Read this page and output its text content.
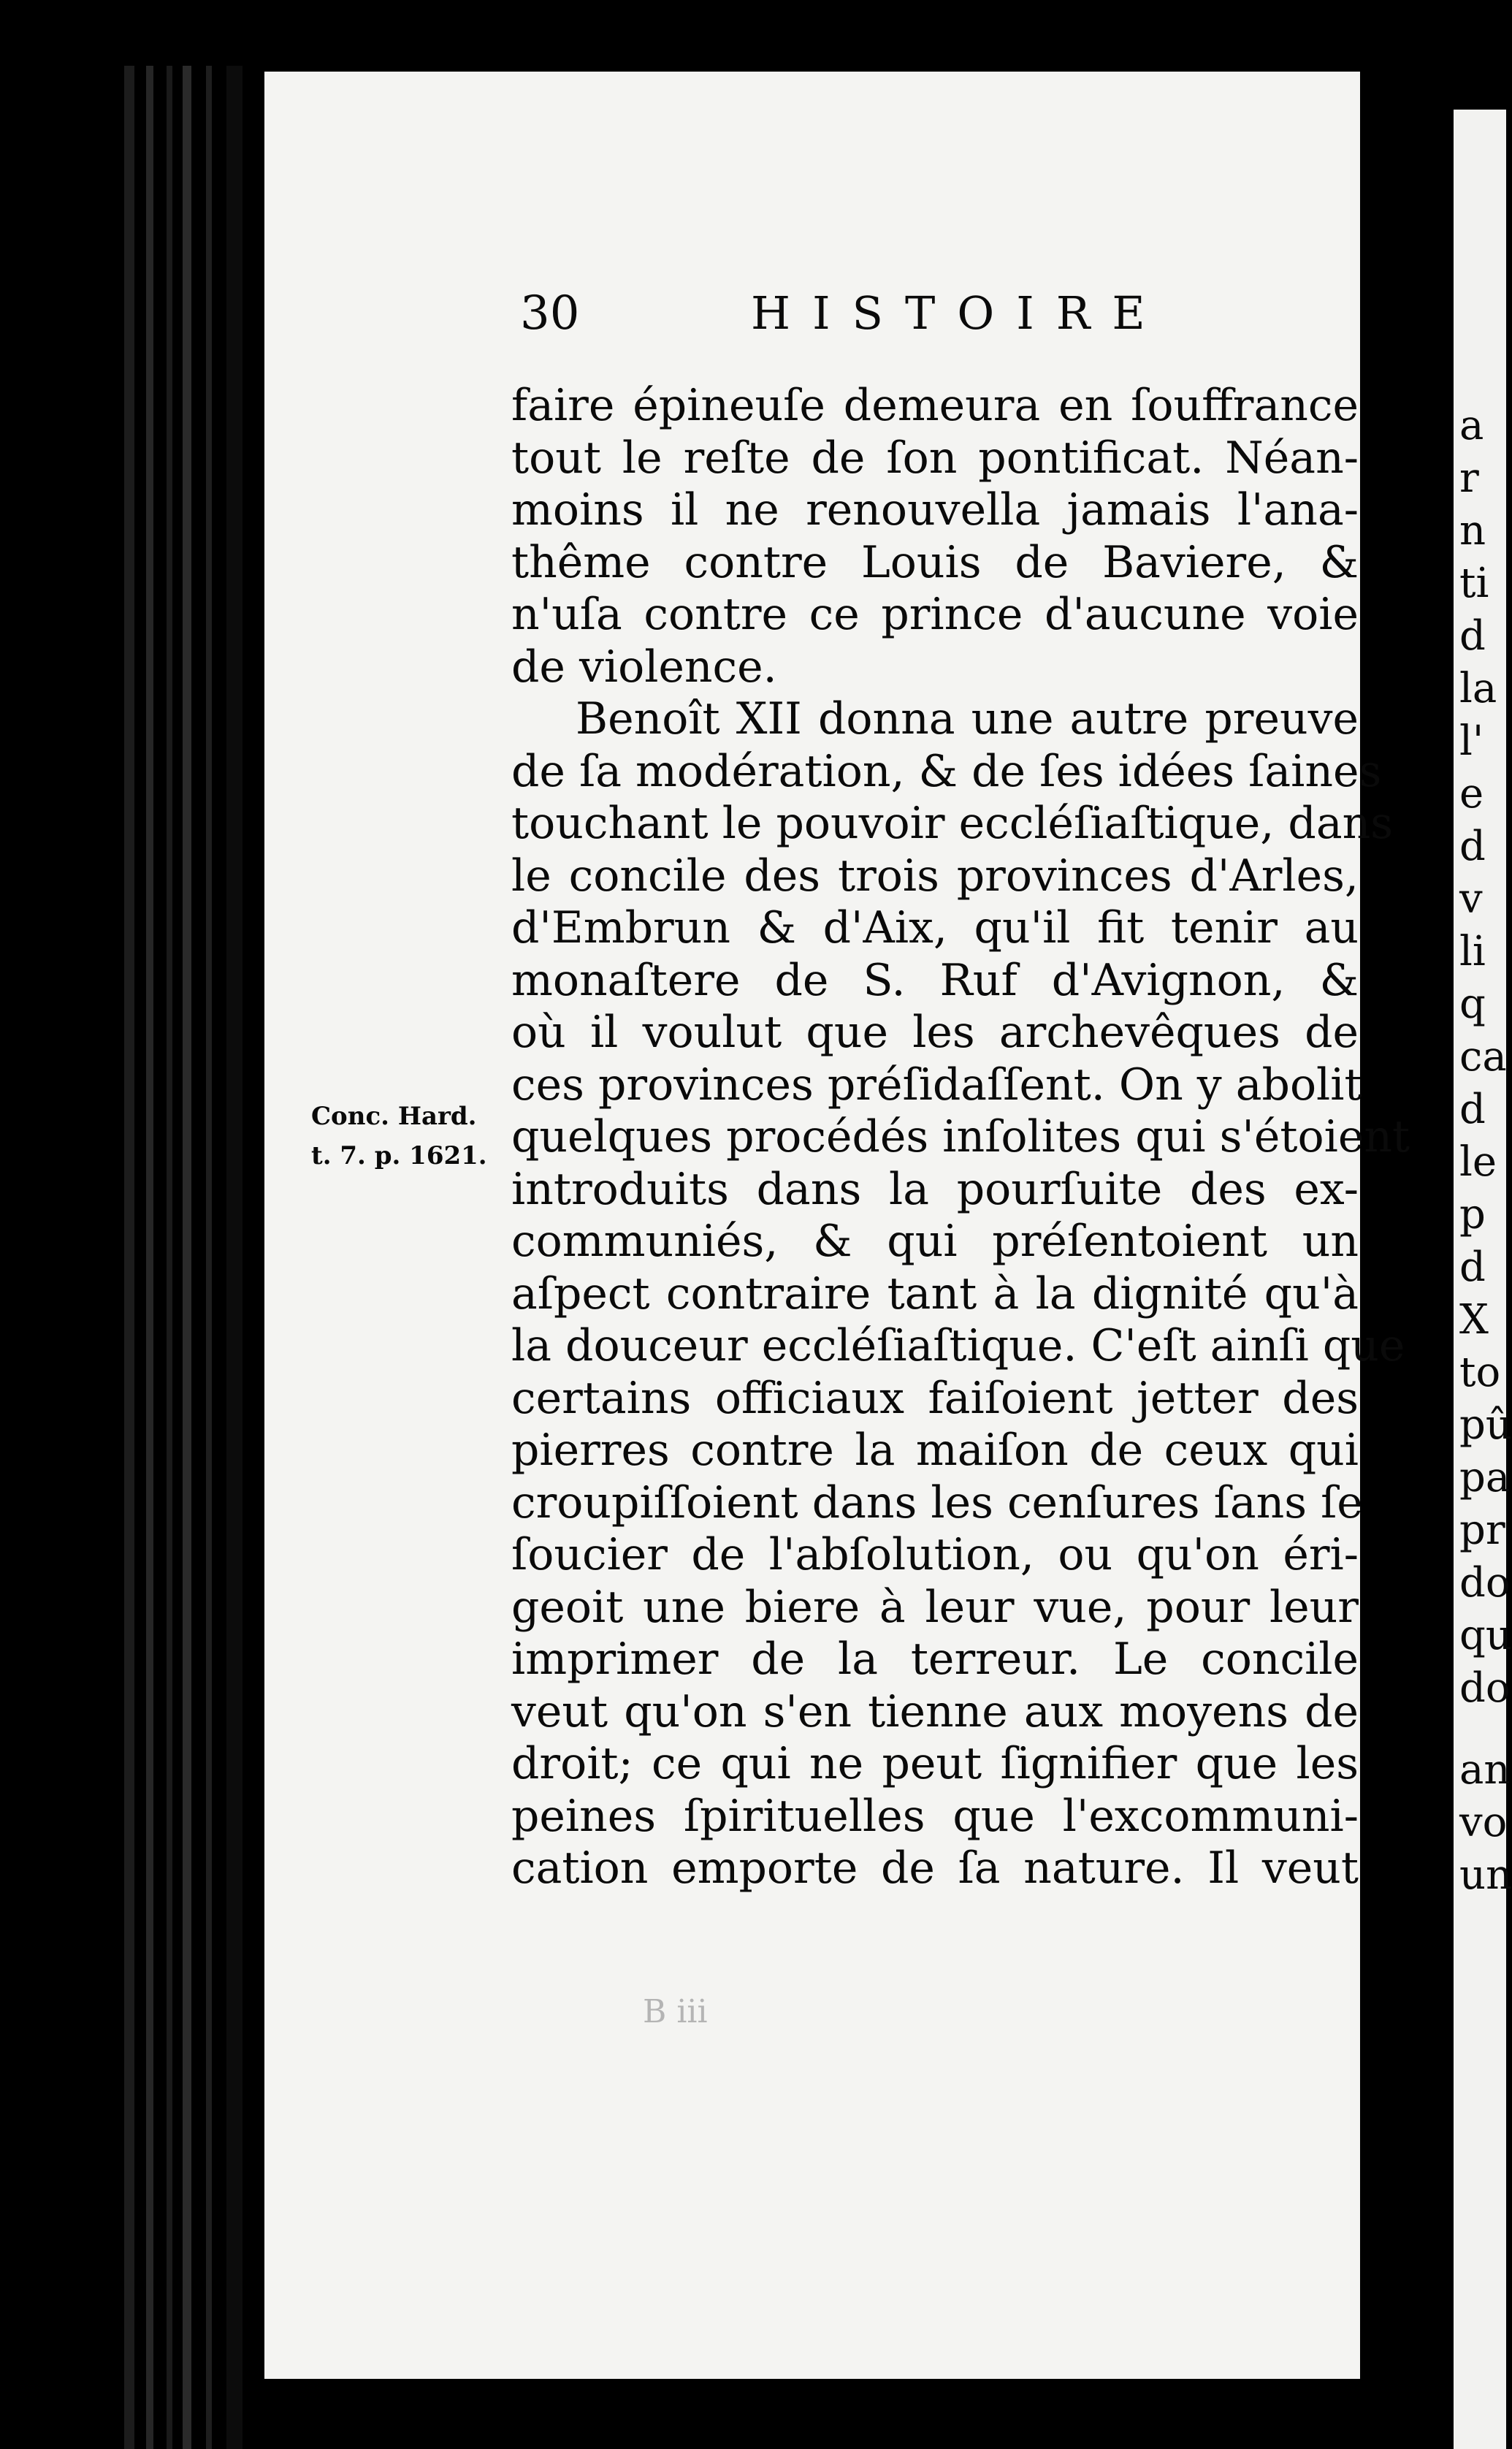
30	HISTOIRE
faire épineuſe demeura en ſouffrance
tout le reſte de ſon pontificat. Néan-
moins il ne renouvella jamais l'ana-
thême contre Louis de Baviere, &
n'uſa contre ce prince d'aucune voie
de violence.
Benoît XII donna une autre preuve
de ſa modération, & de ſes idées ſaines
touchant le pouvoir eccléſiaſtique, dans
le concile des trois provinces d'Arles,
d'Embrun & d'Aix, qu'il fit tenir au
monaſtere de S. Ruf d'Avignon, &
où il voulut que les archevêques de
ces provinces préſidaſſent. On y abolit
quelques procédés inſolites qui s'étoient
introduits dans la pourſuite des ex-
communiés, & qui préſentoient un
aſpect contraire tant à la dignité qu'à
la douceur eccléſiaſtique. C'eſt ainſi que
certains officiaux faiſoient jetter des
pierres contre la maiſon de ceux qui
croupiſſoient dans les cenſures ſans ſe
ſoucier de l'abſolution, ou qu'on éri-
geoit une biere à leur vue, pour leur
imprimer de la terreur. Le concile
veut qu'on s'en tienne aux moyens de
droit; ce qui ne peut ſignifier que les
peines ſpirituelles que l'excommuni-
cation emporte de ſa nature. Il veut
Conc. Hard.
t. 7. p. 1621.
B iii
a
r
n
ti
d
la
l'
e
d
v
li
q
ca
d
le
p
d
X
to
pû
pa
pr
do
qu
do
an
vo
un
